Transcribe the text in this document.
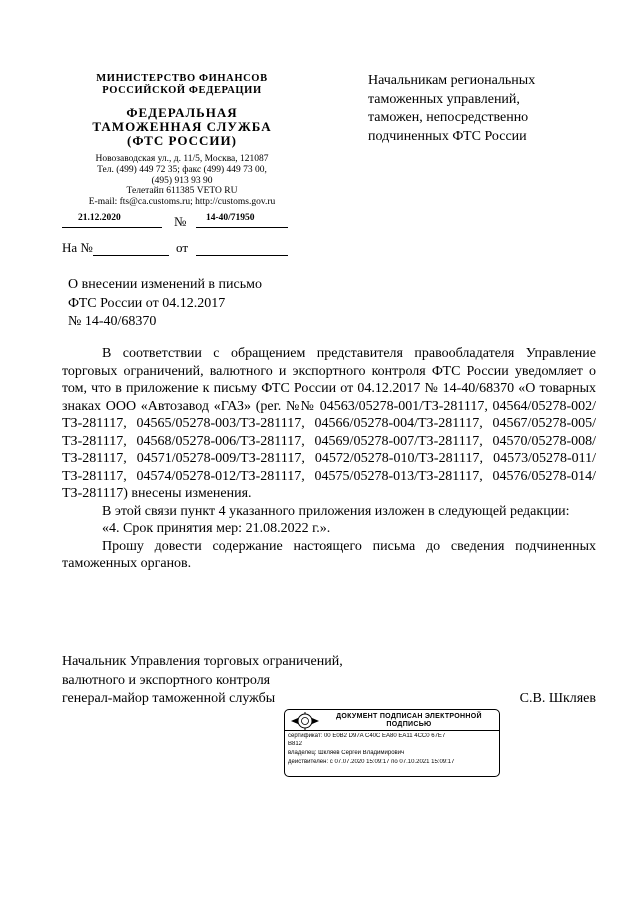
МИНИСТЕРСТВО ФИНАНСОВ
РОССИЙСКОЙ ФЕДЕРАЦИИ
ФЕДЕРАЛЬНАЯ
ТАМОЖЕННАЯ СЛУЖБА
(ФТС РОССИИ)
Новозаводская ул., д. 11/5, Москва, 121087
Тел. (499) 449 72 35; факс (499) 449 73 00,
(495) 913 93 90
Телетайп 611385 VETO RU
E-mail: fts@ca.customs.ru; http://customs.gov.ru
21.12.2020	№ 14-40/71950
На №	от
Начальникам региональных
таможенных управлений,
таможен, непосредственно
подчиненных ФТС России
О внесении изменений в письмо
ФТС России от 04.12.2017
№ 14-40/68370

В соответствии с обращением представителя правообладателя Управление торговых ограничений, валютного и экспортного контроля ФТС России уведомляет о том, что в приложение к письму ФТС России от 04.12.2017 № 14-40/68370 «О товарных знаках ООО «Автозавод «ГАЗ» (рег. №№ 04563/05278-001/ТЗ-281117, 04564/05278-002/ТЗ-281117, 04565/05278-003/ТЗ-281117, 04566/05278-004/ТЗ-281117, 04567/05278-005/ТЗ-281117, 04568/05278-006/ТЗ-281117, 04569/05278-007/ТЗ-281117, 04570/05278-008/ТЗ-281117, 04571/05278-009/ТЗ-281117, 04572/05278-010/ТЗ-281117, 04573/05278-011/ТЗ-281117, 04574/05278-012/ТЗ-281117, 04575/05278-013/ТЗ-281117, 04576/05278-014/ТЗ-281117) внесены изменения.

В этой связи пункт 4 указанного приложения изложен в следующей редакции:

«4. Срок принятия мер: 21.08.2022 г.».

Прошу довести содержание настоящего письма до сведения подчиненных таможенных органов.

Начальник Управления торговых ограничений,
валютного и экспортного контроля
генерал-майор таможенной службы	С.В. Шкляев
ДОКУМЕНТ ПОДПИСАН ЭЛЕКТРОННОЙ
ПОДПИСЬЮ
сертификат: 00 E0B2 D97A C40C EA80 EA11 4CC0 67E7
B812
владелец: Шкляев Сергей Владимирович
действителен: с 07.07.2020 15:09:17 по 07.10.2021 15:09:17
